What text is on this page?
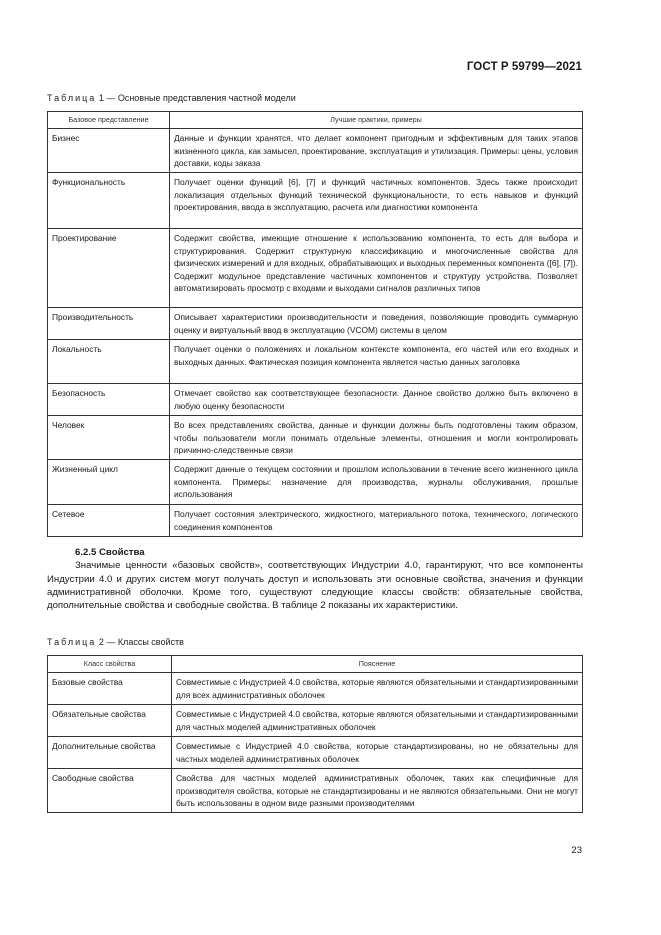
ГОСТ Р 59799—2021
Таблица 1 — Основные представления частной модели
Базовое представление	Лучшие практики, примеры
Бизнес	Данные и функции хранятся, что делает компонент пригодным и эффективным для таких этапов жизненного цикла, как замысел, проектирование, эксплуатация и утилизация. Примеры: цены, условия доставки, коды заказа
Функциональность	Получает оценки функций [6], [7] и функций частичных компонентов. Здесь также происходит локализация отдельных функций технической функциональности, то есть навыков и функций проектирования, ввода в эксплуатацию, расчета или диагностики компонента
Проектирование	Содержит свойства, имеющие отношение к использованию компонента, то есть для выбора и структурирования. Содержит структурную классификацию и многочисленные свойства для физических измерений и для входных, обрабатывающих и выходных переменных компонента ([6], [7]). Содержит модульное представление частичных компонентов и структуру устройства. Позволяет автоматизировать просмотр с входами и выходами сигналов различных типов
Производительность	Описывает характеристики производительности и поведения, позволяющие проводить суммарную оценку и виртуальный ввод в эксплуатацию (VCOM) системы в целом
Локальность	Получает оценки о положениях и локальном контексте компонента, его частей или его входных и выходных данных. Фактическая позиция компонента является частью данных заголовка
Безопасность	Отмечает свойство как соответствующее безопасности. Данное свойство должно быть включено в любую оценку безопасности
Человек	Во всех представлениях свойства, данные и функции должны быть подготовлены таким образом, чтобы пользователи могли понимать отдельные элементы, отношения и могли контролировать причинно-следственные связи
Жизненный цикл	Содержит данные о текущем состоянии и прошлом использовании в течение всего жизненного цикла компонента. Примеры: назначение для производства, журналы обслуживания, прошлые использования
Сетевое	Получает состояния электрического, жидкостного, материального потока, технического, логического соединения компонентов
6.2.5 Свойства

Значимые ценности «базовых свойств», соответствующих Индустрии 4.0, гарантируют, что все компоненты Индустрии 4.0 и других систем могут получать доступ и использовать эти основные свойства, значения и функции административной оболочки. Кроме того, существуют следующие классы свойств: обязательные свойства, дополнительные свойства и свободные свойства. В таблице 2 показаны их характеристики.

Таблица 2 — Классы свойств
Класс свойства	Пояснение
Базовые свойства	Совместимые с Индустрией 4.0 свойства, которые являются обязательными и стандартизированными для всех административных оболочек
Обязательные свойства	Совместимые с Индустрией 4.0 свойства, которые являются обязательными и стандартизированными для частных моделей административных оболочек
Дополнительные свойства	Совместимые с Индустрией 4.0 свойства, которые стандартизированы, но не обязательны для частных моделей административных оболочек
Свободные свойства	Свойства для частных моделей административных оболочек, таких как специфичные для производителя свойства, которые не стандартизированы и не являются обязательными. Они не могут быть использованы в одном виде разными производителями
23
